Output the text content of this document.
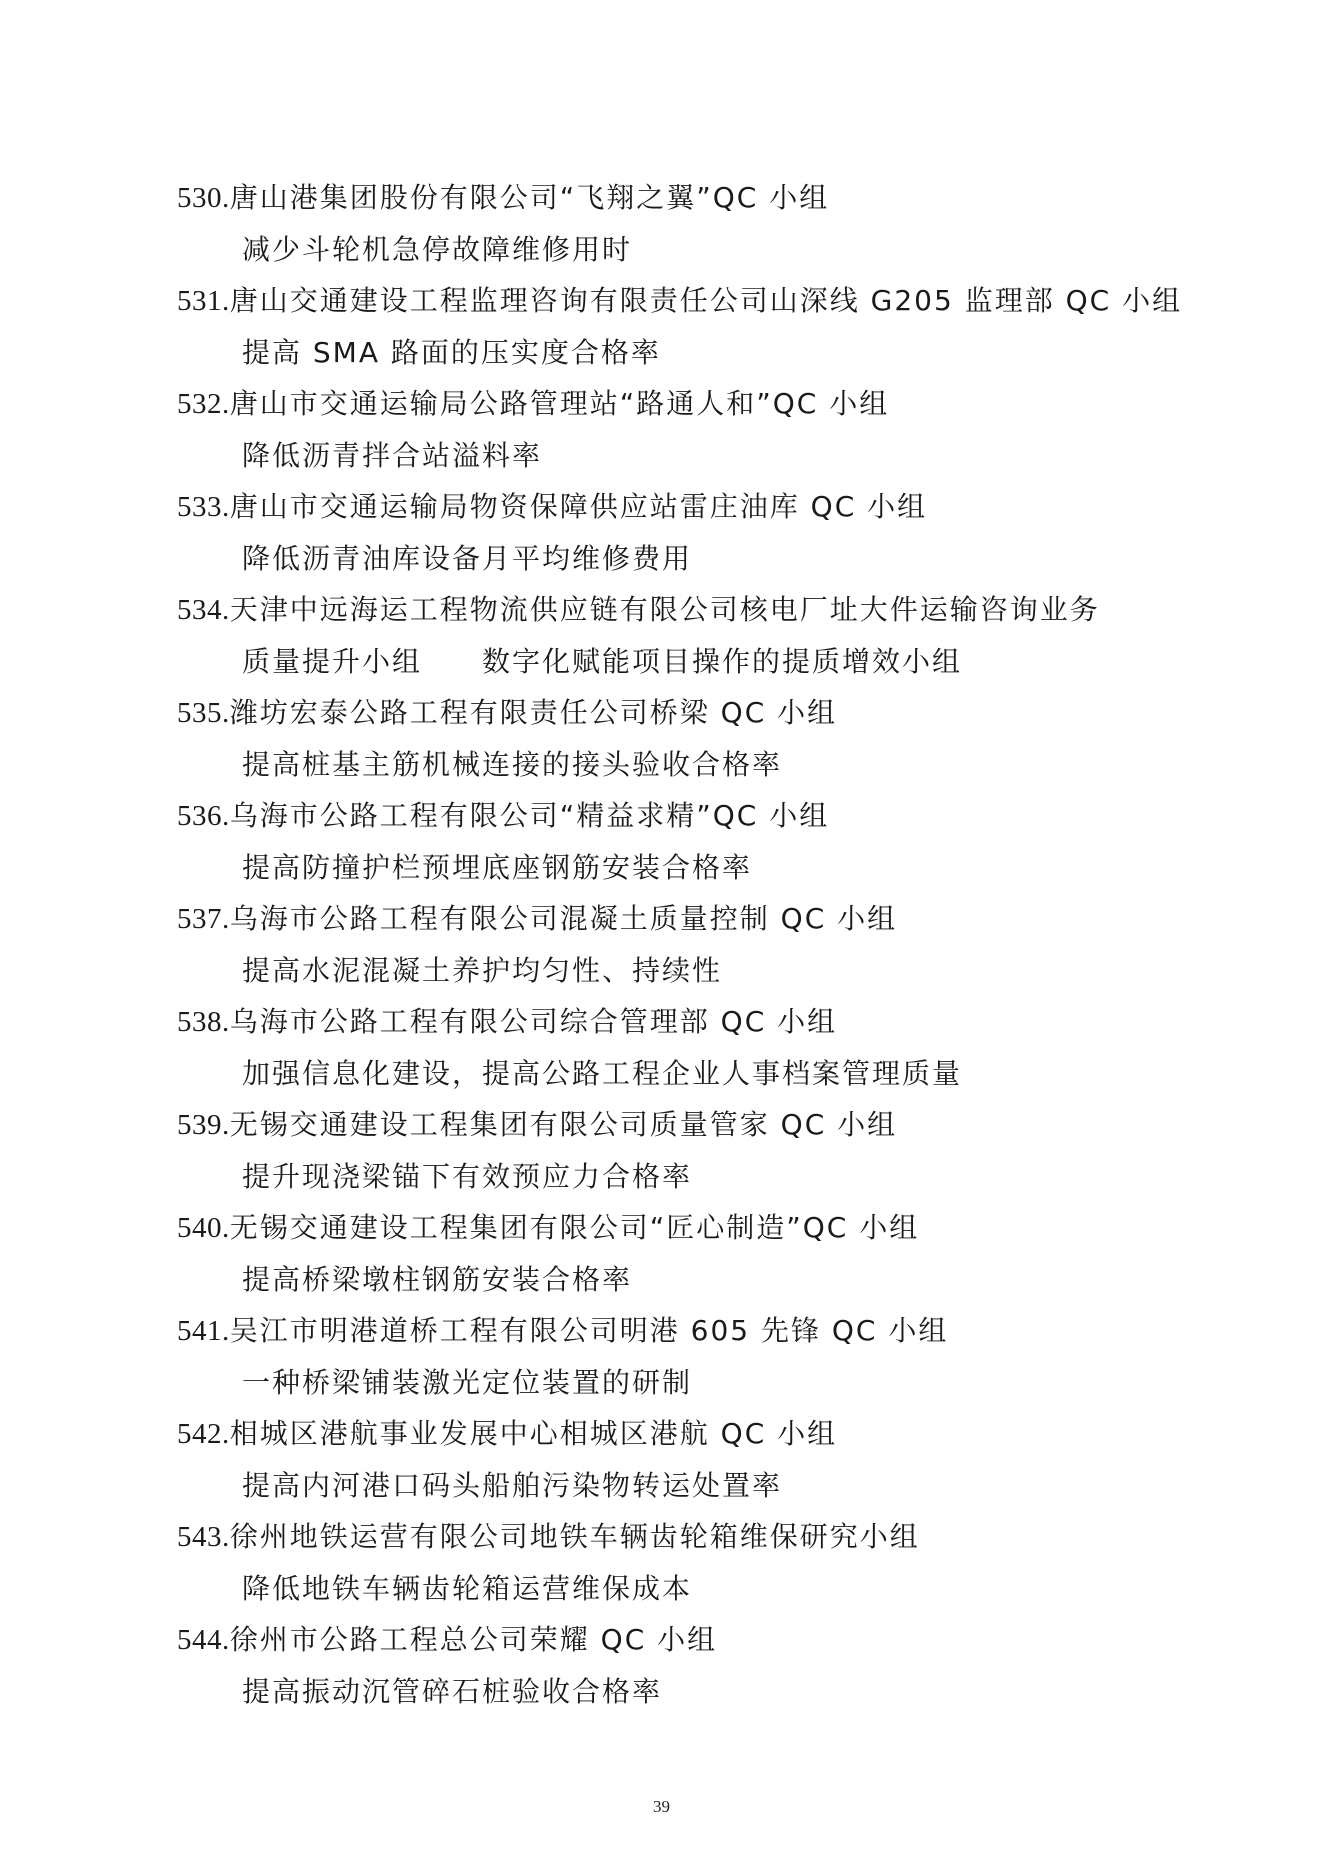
530.唐山港集团股份有限公司“飞翔之翼”QC 小组
减少斗轮机急停故障维修用时
531.唐山交通建设工程监理咨询有限责任公司山深线 G205 监理部 QC 小组
提高 SMA 路面的压实度合格率
532.唐山市交通运输局公路管理站“路通人和”QC 小组
降低沥青拌合站溢料率
533.唐山市交通运输局物资保障供应站雷庄油库 QC 小组
降低沥青油库设备月平均维修费用
534.天津中远海运工程物流供应链有限公司核电厂址大件运输咨询业务
质量提升小组　　数字化赋能项目操作的提质增效小组
535.潍坊宏泰公路工程有限责任公司桥梁 QC 小组
提高桩基主筋机械连接的接头验收合格率
536.乌海市公路工程有限公司“精益求精”QC 小组
提高防撞护栏预埋底座钢筋安装合格率
537.乌海市公路工程有限公司混凝土质量控制 QC 小组
提高水泥混凝土养护均匀性、持续性
538.乌海市公路工程有限公司综合管理部 QC 小组
加强信息化建设，提高公路工程企业人事档案管理质量
539.无锡交通建设工程集团有限公司质量管家 QC 小组
提升现浇梁锚下有效预应力合格率
540.无锡交通建设工程集团有限公司“匠心制造”QC 小组
提高桥梁墩柱钢筋安装合格率
541.吴江市明港道桥工程有限公司明港 605 先锋 QC 小组
一种桥梁铺装激光定位装置的研制
542.相城区港航事业发展中心相城区港航 QC 小组
提高内河港口码头船舶污染物转运处置率
543.徐州地铁运营有限公司地铁车辆齿轮箱维保研究小组
降低地铁车辆齿轮箱运营维保成本
544.徐州市公路工程总公司荣耀 QC 小组
提高振动沉管碎石桩验收合格率
39
